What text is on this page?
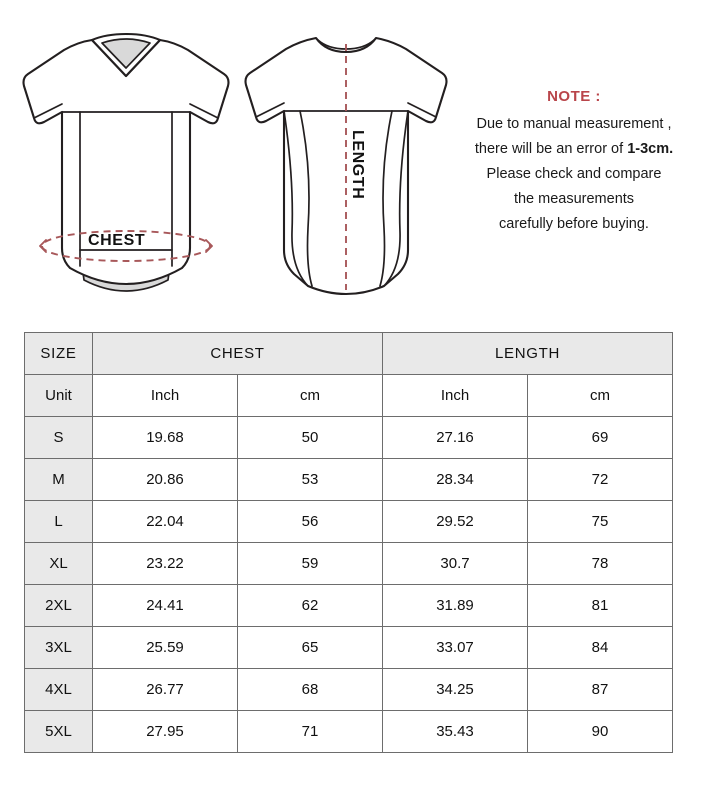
CHEST
LENGTH
NOTE :
Due to manual measurement ,
there will be an error of 1-3cm.
Please check and compare
the measurements
carefully before buying.
SIZE	CHEST		LENGTH	
Unit	Inch	cm	Inch	cm
S	19.68	50	27.16	69
M	20.86	53	28.34	72
L	22.04	56	29.52	75
XL	23.22	59	30.7	78
2XL	24.41	62	31.89	81
3XL	25.59	65	33.07	84
4XL	26.77	68	34.25	87
5XL	27.95	71	35.43	90
